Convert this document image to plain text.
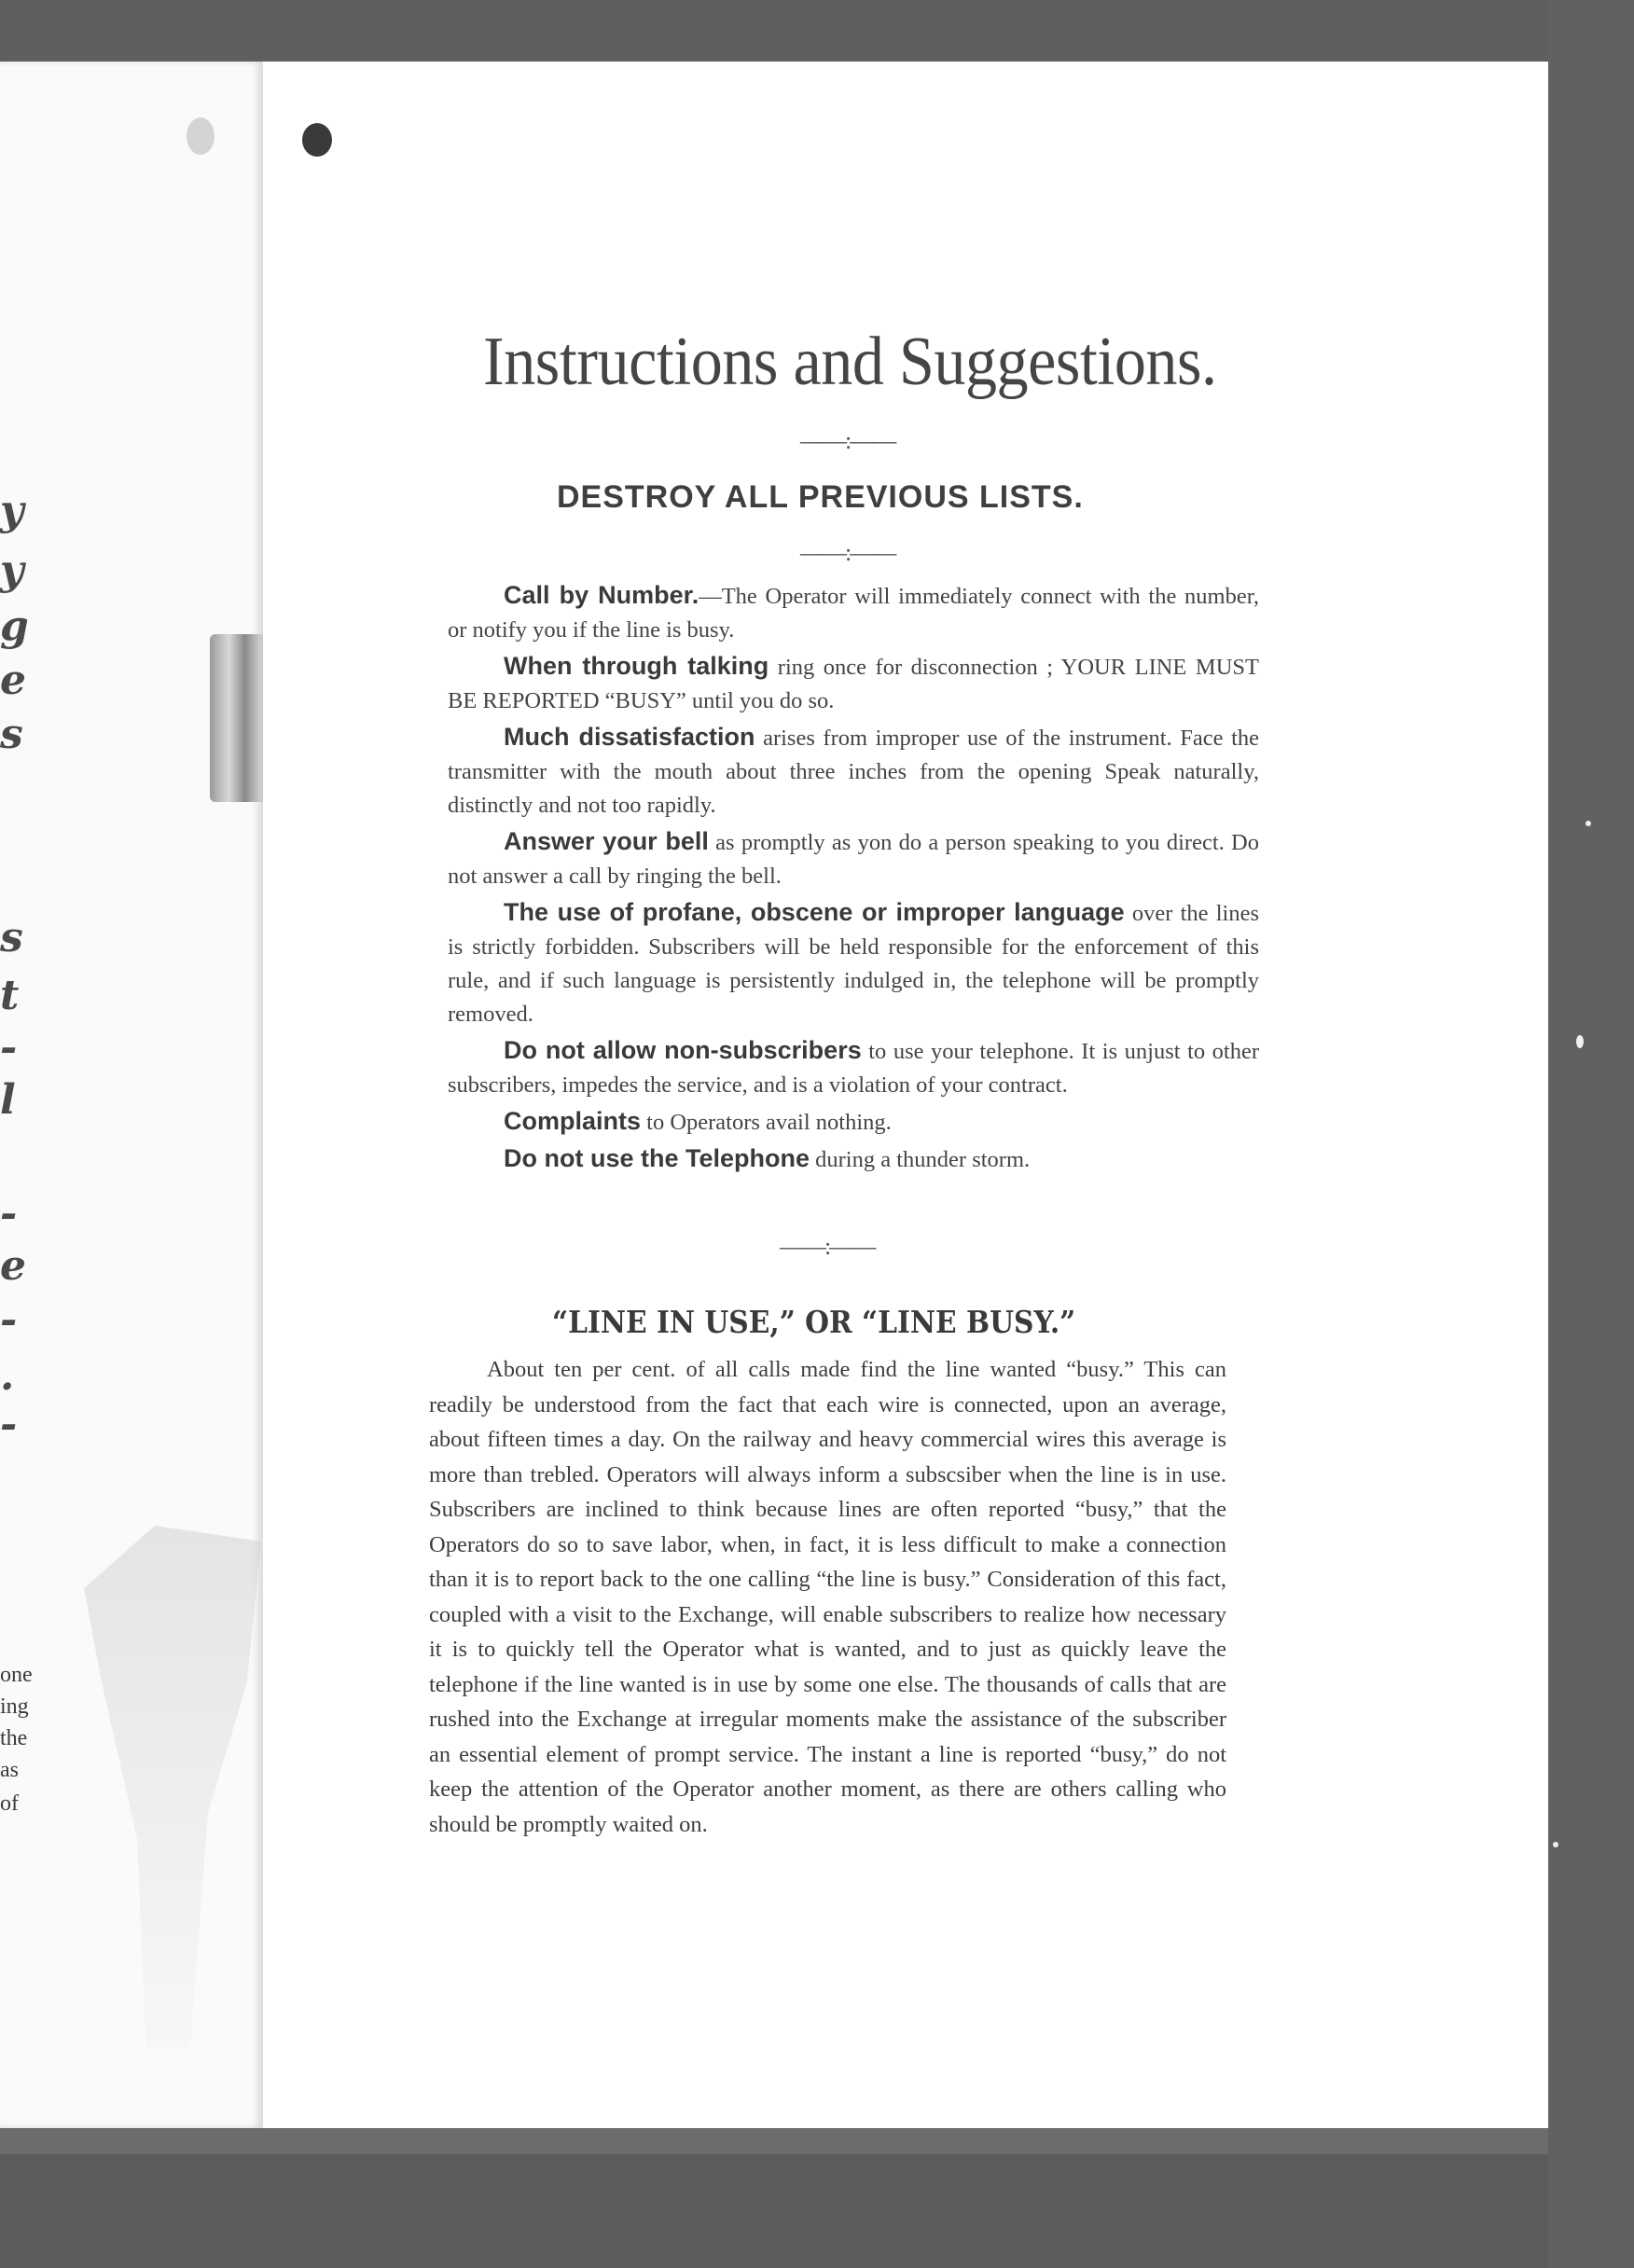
y
y
g
e
s
s
t
-
l
-
e
-
.
-
one
ing
the
as
of
Instructions and Suggestions.
——:——
DESTROY ALL PREVIOUS LISTS.
——:——
Call by Number.—The Operator will immediately connect with the number, or notify you if the line is busy.
When through talking ring once for disconnection ; YOUR LINE MUST BE REPORTED “BUSY” until you do so.
Much dissatisfaction arises from improper use of the instrument. Face the transmitter with the mouth about three inches from the opening Speak naturally, distinctly and not too rapidly.
Answer your bell as promptly as yon do a person speaking to you direct. Do not answer a call by ringing the bell.
The use of profane, obscene or improper language over the lines is strictly forbidden. Subscribers will be held responsible for the enforcement of this rule, and if such language is persistently indulged in, the telephone will be promptly removed.
Do not allow non-subscribers to use your telephone. It is unjust to other subscribers, impedes the service, and is a violation of your contract.
Complaints to Operators avail nothing.
Do not use the Telephone during a thunder storm.
——:——
“LINE IN USE,” OR “LINE BUSY.”

About ten per cent. of all calls made find the line wanted “busy.” This can readily be understood from the fact that each wire is connected, upon an average, about fifteen times a day. On the railway and heavy commercial wires this average is more than trebled. Operators will always inform a subscsiber when the line is in use. Subscribers are inclined to think because lines are often reported “busy,” that the Operators do so to save labor, when, in fact, it is less difficult to make a connection than it is to report back to the one calling “the line is busy.” Consideration of this fact, coupled with a visit to the Exchange, will enable subscribers to realize how necessary it is to quickly tell the Operator what is wanted, and to just as quickly leave the telephone if the line wanted is in use by some one else. The thousands of calls that are rushed into the Exchange at irregular moments make the assistance of the subscriber an essential element of prompt service. The instant a line is reported “busy,” do not keep the attention of the Operator another moment, as there are others calling who should be promptly waited on.
